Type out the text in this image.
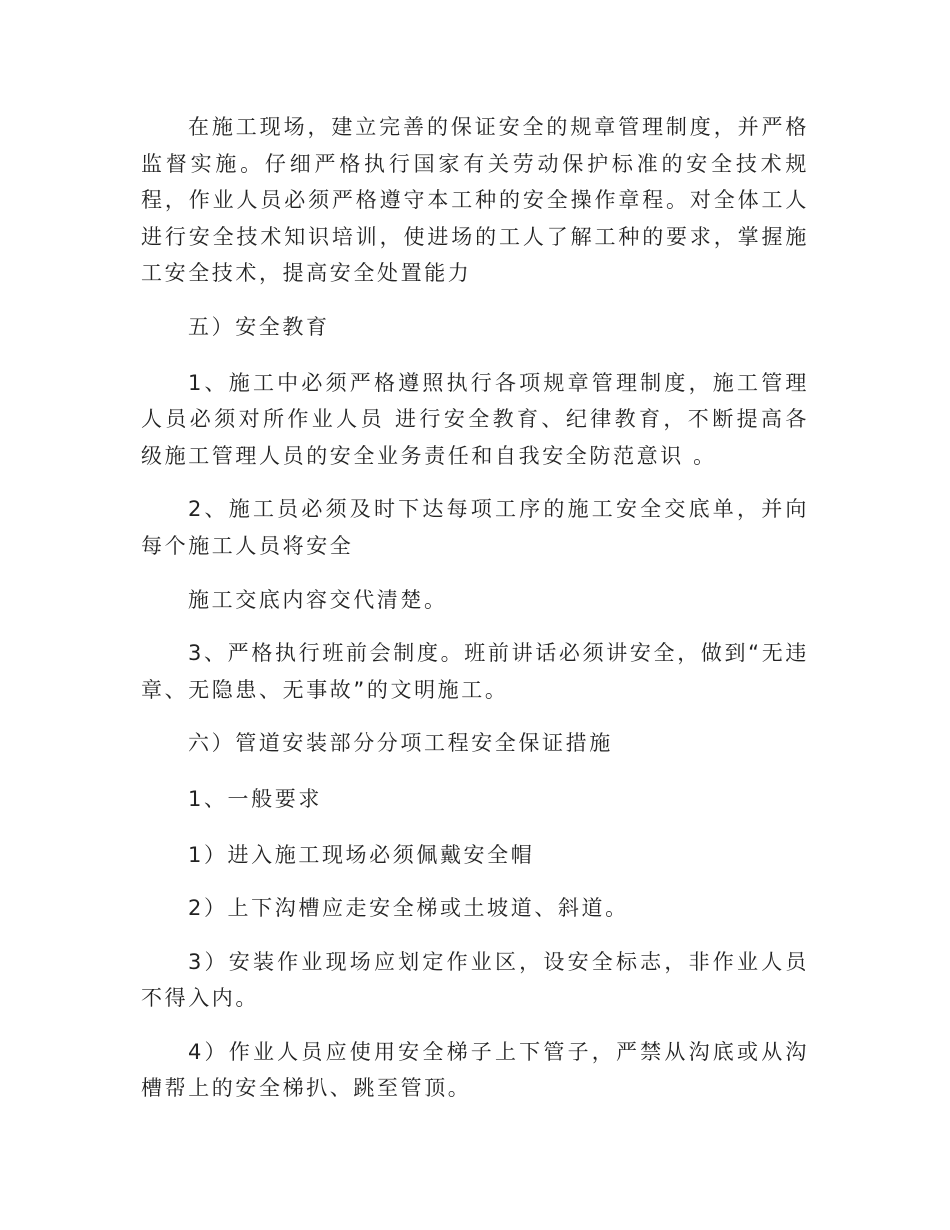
在施工现场，建立完善的保证安全的规章管理制度，并严格监督实施。仔细严格执行国家有关劳动保护标准的安全技术规程，作业人员必须严格遵守本工种的安全操作章程。对全体工人进行安全技术知识培训，使进场的工人了解工种的要求，掌握施工安全技术，提高安全处置能力

五）安全教育

1、施工中必须严格遵照执行各项规章管理制度，施工管理人员必须对所作业人员 进行安全教育、纪律教育，不断提高各级施工管理人员的安全业务责任和自我安全防范意识 。

2、施工员必须及时下达每项工序的施工安全交底单，并向每个施工人员将安全

施工交底内容交代清楚。

3、严格执行班前会制度。班前讲话必须讲安全，做到“无违章、无隐患、无事故”的文明施工。

六）管道安装部分分项工程安全保证措施

1、一般要求

1）进入施工现场必须佩戴安全帽

2）上下沟槽应走安全梯或土坡道、斜道。

3）安装作业现场应划定作业区，设安全标志，非作业人员不得入内。

4）作业人员应使用安全梯子上下管子，严禁从沟底或从沟槽帮上的安全梯扒、跳至管顶。
